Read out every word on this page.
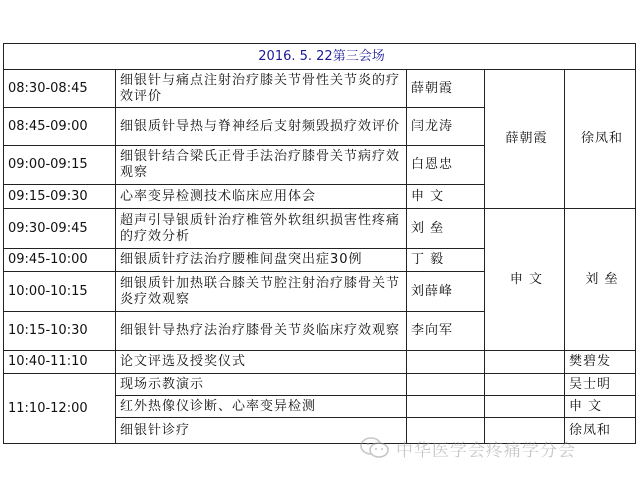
2016. 5. 22第三会场				
08:30-08:45	细银针与痛点注射治疗膝关节骨性关节炎的疗效评价	薛朝霞	薛朝霞	徐凤和
08:45-09:00	细银质针导热与脊神经后支射频毁损疗效评价	闫龙涛		
09:00-09:15	细银针结合梁氏正骨手法治疗膝骨关节病疗效观察	白恩忠		
09:15-09:30	心率变异检测技术临床应用体会	申 文		
09:30-09:45	超声引导银质针治疗椎管外软组织损害性疼痛的疗效分析	刘 垒	申 文	刘 垒
09:45-10:00	细银质针疗法治疗腰椎间盘突出症30例	丁 毅		
10:00-10:15	细银质针加热联合膝关节腔注射治疗膝骨关节炎疗效观察	刘薛峰		
10:15-10:30	细银针导热疗法治疗膝骨关节炎临床疗效观察	李向军		
10:40-11:10	论文评选及授奖仪式			樊碧发
11:10-12:00	现场示教演示			吴士明
	红外热像仪诊断、心率变异检测			申 文
	细银针诊疗			徐凤和
中华医学会疼痛学分会
